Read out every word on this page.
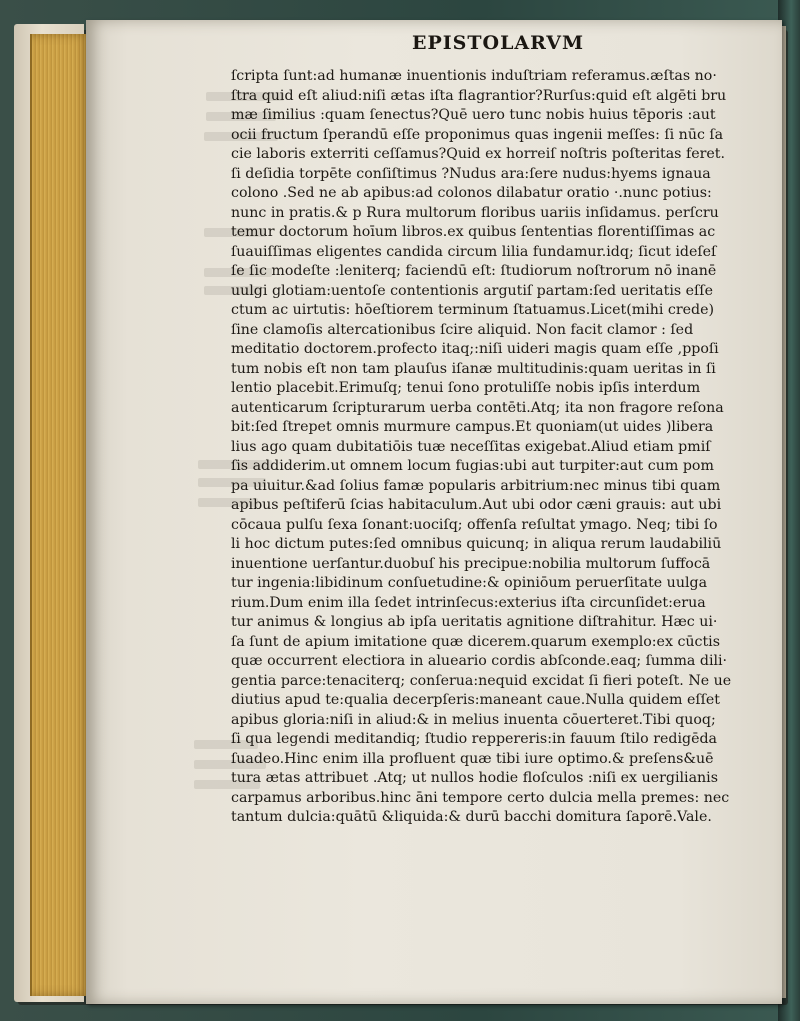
EPISTOLARVM
ſcripta ſunt:ad humanæ inuentionis induſtriam referamus.æſtas no·
ſtra quid eſt aliud:niſi ætas iſta flagrantior?Rurſus:quid eſt algēti bru
mæ ſimilius :quam ſenectus?Quē uero tunc nobis huius tēporis :aut
ocii fructum ſperandū eſſe proponimus quas ingenii meſſes: ſi nūc ſa
cie laboris exterriti ceſſamus?Quid ex horreiſ noſtris poſteritas feret.
ſi deſidia torpēte conſiſtimus ?Nudus ara:ſere nudus:hyems ignaua
colono .Sed ne ab apibus:ad colonos dilabatur oratio ·.nunc potius:
nunc in pratis.& p Rura multorum floribus uariis inſidamus. perſcru
temur doctorum hoīum libros.ex quibus ſententias florentiſſimas ac
ſuauiſſimas eligentes candida circum lilia fundamur.idq; ſicut ideſeſ
ſe ſic modeſte :leniterq; faciendū eſt: ſtudiorum noſtrorum nō inanē
uulgi glotiam:uentoſe contentionis argutiſ partam:ſed ueritatis eſſe
ctum ac uirtutis: hōeſtiorem terminum ſtatuamus.Licet(mihi crede)
ſine clamoſis altercationibus ſcire aliquid. Non facit clamor : ſed
meditatio doctorem.profecto itaq;:niſi uideri magis quam eſſe ,ppoſi
tum nobis eſt non tam plauſus iſanæ multitudinis:quam ueritas in ſi
lentio placebit.Erimuſq; tenui ſono protuliſſe nobis ipſis interdum
autenticarum ſcripturarum uerba contēti.Atq; ita non fragore reſona
bit:ſed ſtrepet omnis murmure campus.Et quoniam(ut uides )libera
lius ago quam dubitatiōis tuæ neceſſitas exigebat.Aliud etiam pmiſ
ſis addiderim.ut omnem locum fugias:ubi aut turpiter:aut cum pom
pa uiuitur.&ad ſolius famæ popularis arbitrium:nec minus tibi quam
apibus peſtiferū ſcias habitaculum.Aut ubi odor cæni grauis: aut ubi
cōcaua pulſu ſexa ſonant:uociſq; offenſa reſultat ymago. Neq; tibi ſo
li hoc dictum putes:ſed omnibus quicunq; in aliqua rerum laudabiliū
inuentione uerſantur.duobuſ his precipue:nobilia multorum ſuffocā
tur ingenia:libidinum conſuetudine:& opiniōum peruerſitate uulga
rium.Dum enim illa ſedet intrinſecus:exterius iſta circunſidet:erua
tur animus & longius ab ipſa ueritatis agnitione diſtrahitur. Hæc ui·
ſa ſunt de apium imitatione quæ dicerem.quarum exemplo:ex cūctis
quæ occurrent electiora in alueario cordis abſconde.eaq; ſumma dili·
gentia parce:tenaciterq; conſerua:nequid excidat ſi fieri poteſt. Ne ue
diutius apud te:qualia decerpſeris:maneant caue.Nulla quidem eſſet
apibus gloria:niſi in aliud:& in melius inuenta cōuerteret.Tibi quoq;
ſi qua legendi meditandiq; ſtudio reppereris:in fauum ſtilo redigēda
ſuadeo.Hinc enim illa profluent quæ tibi iure optimo.& preſens&uē
tura ætas attribuet .Atq; ut nullos hodie floſculos :niſi ex uergilianis
carpamus arboribus.hinc āni tempore certo dulcia mella premes: nec
tantum dulcia:quātū &liquida:& durū bacchi domitura ſaporē.Vale.
